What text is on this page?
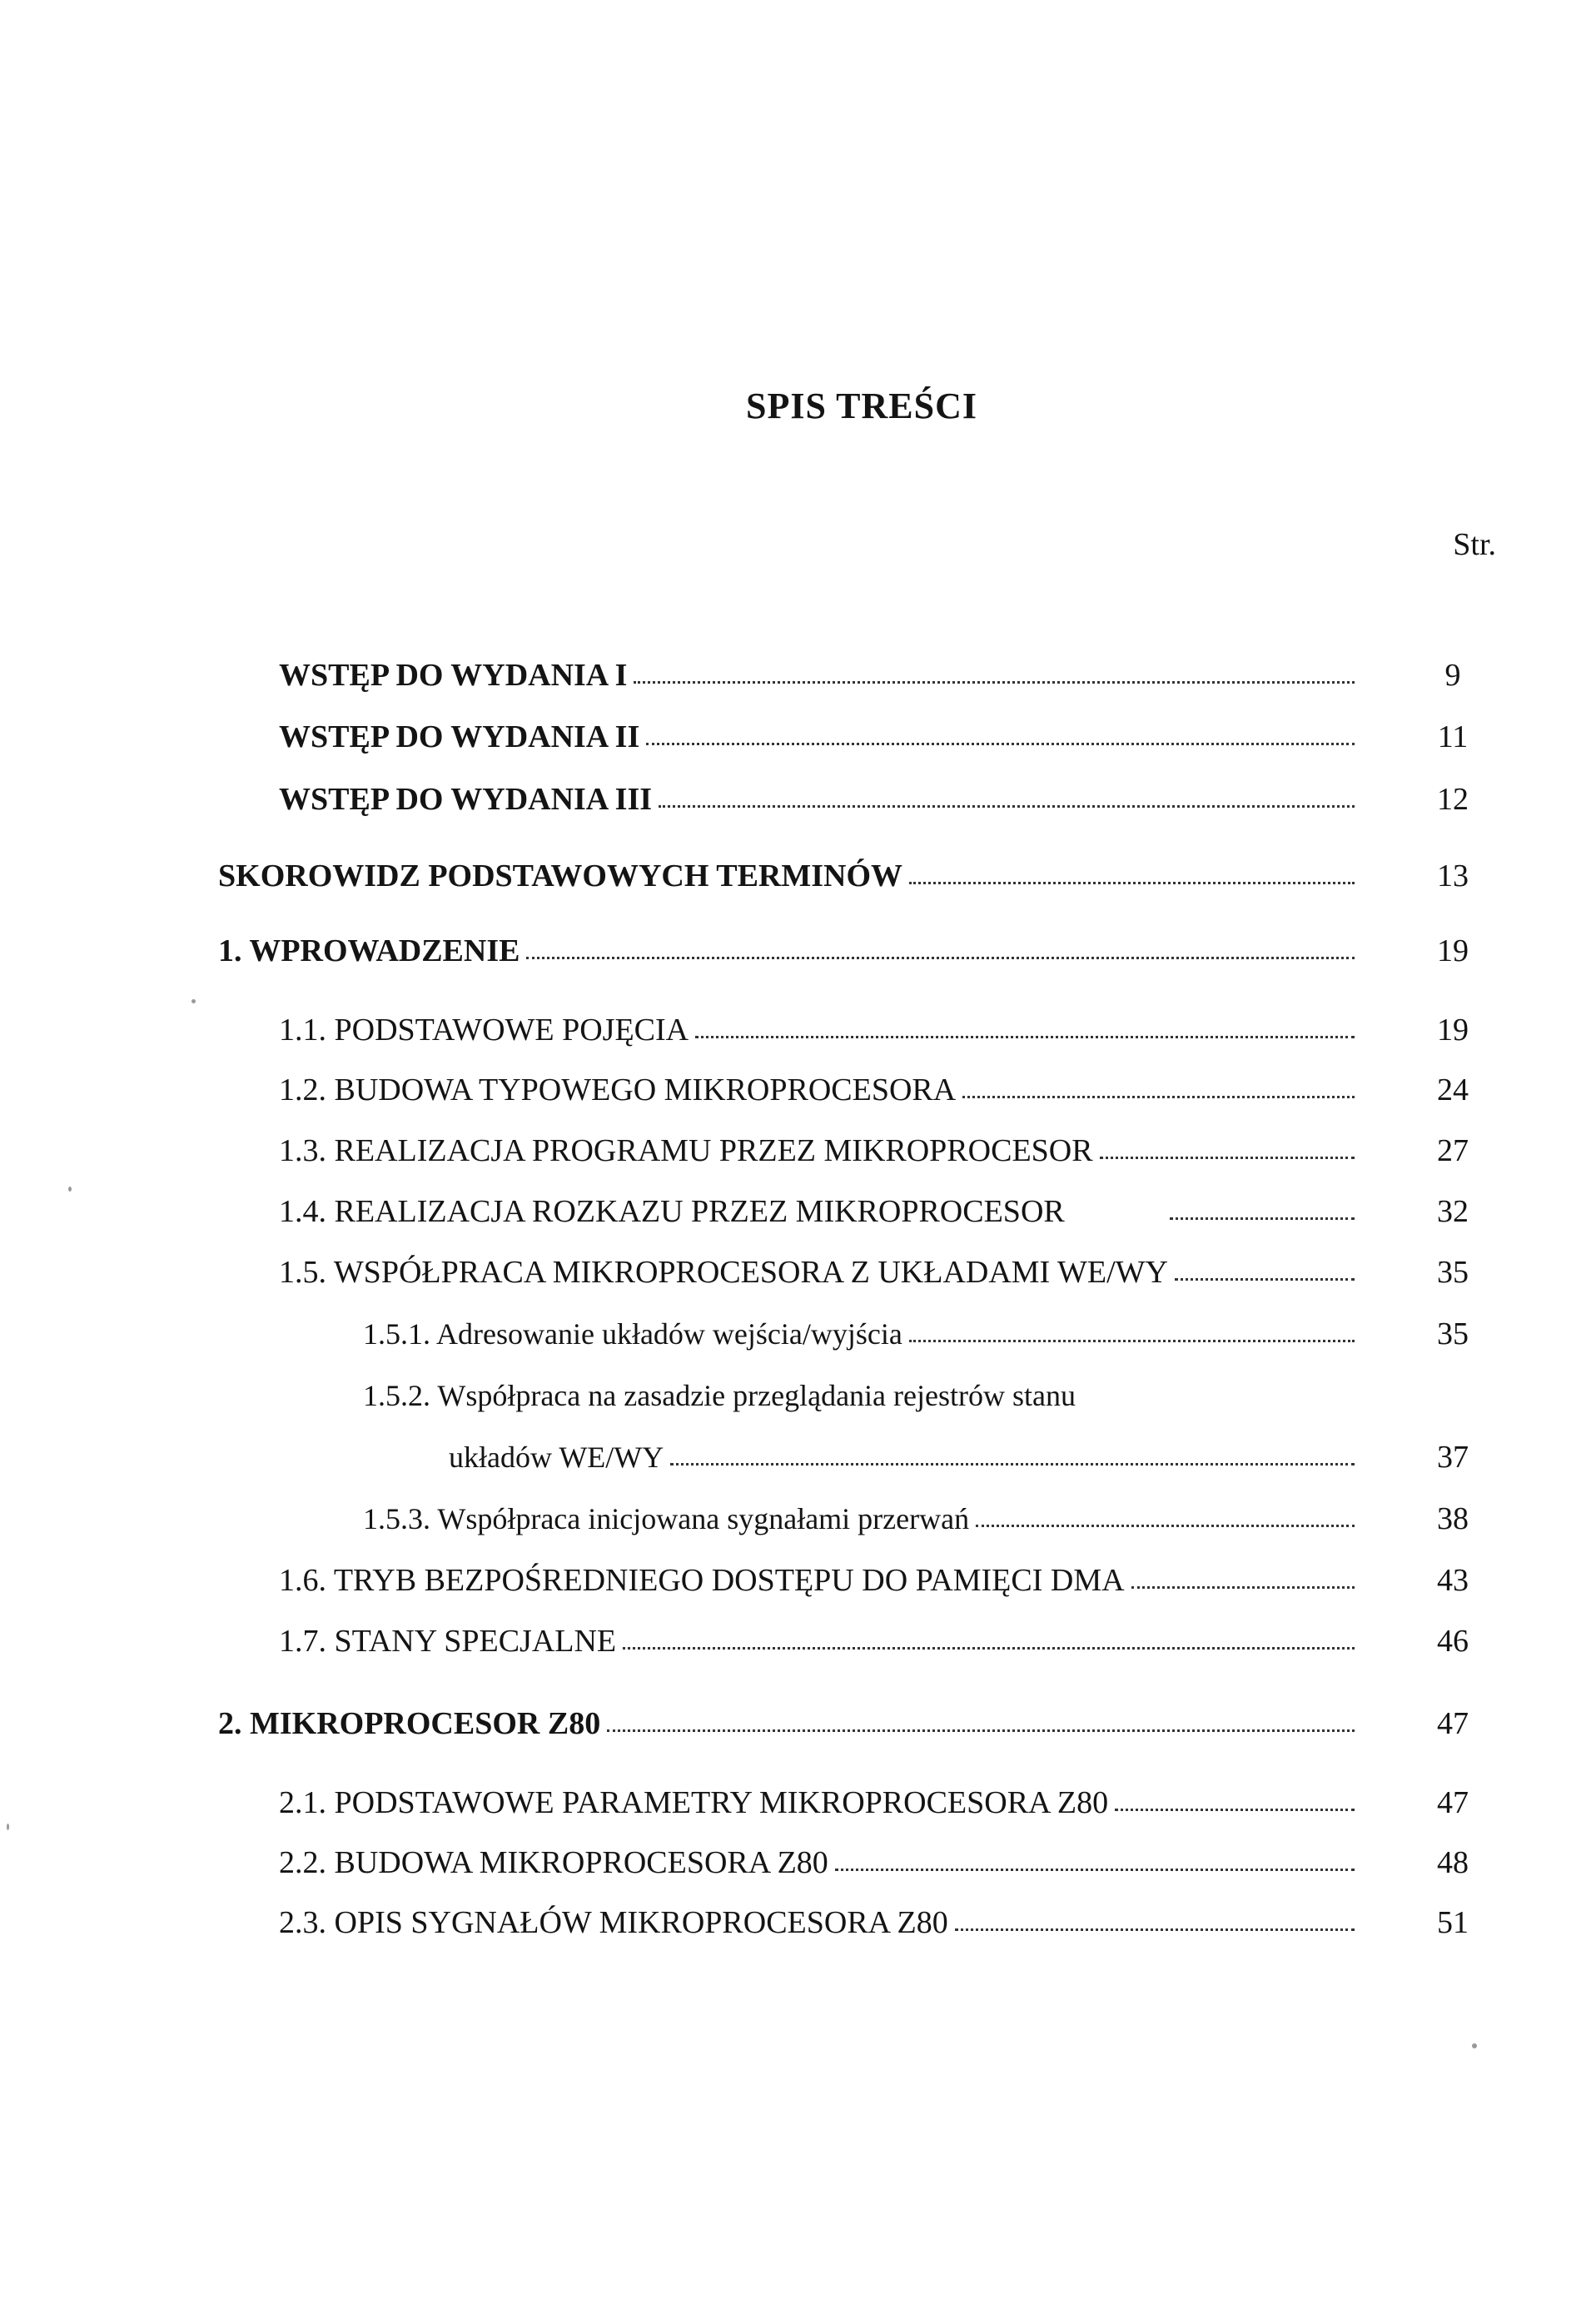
SPIS TREŚCI
Str.
WSTĘP DO WYDANIA I	9
WSTĘP DO WYDANIA II	11
WSTĘP DO WYDANIA III	12
SKOROWIDZ PODSTAWOWYCH TERMINÓW	13
1. WPROWADZENIE	19
1.1. PODSTAWOWE POJĘCIA	19
1.2. BUDOWA TYPOWEGO MIKROPROCESORA	24
1.3. REALIZACJA PROGRAMU PRZEZ MIKROPROCESOR	27
1.4. REALIZACJA ROZKAZU PRZEZ MIKROPROCESOR	32
1.5. WSPÓŁPRACA MIKROPROCESORA Z UKŁADAMI WE/WY	35
1.5.1. Adresowanie układów wejścia/wyjścia	35
1.5.2. Współpraca na zasadzie przeglądania rejestrów stanu
układów WE/WY	37
1.5.3. Współpraca inicjowana sygnałami przerwań	38
1.6. TRYB BEZPOŚREDNIEGO DOSTĘPU DO PAMIĘCI DMA	43
1.7. STANY SPECJALNE	46
2. MIKROPROCESOR Z80	47
2.1. PODSTAWOWE PARAMETRY MIKROPROCESORA Z80	47
2.2. BUDOWA MIKROPROCESORA Z80	48
2.3. OPIS SYGNAŁÓW MIKROPROCESORA Z80	51
